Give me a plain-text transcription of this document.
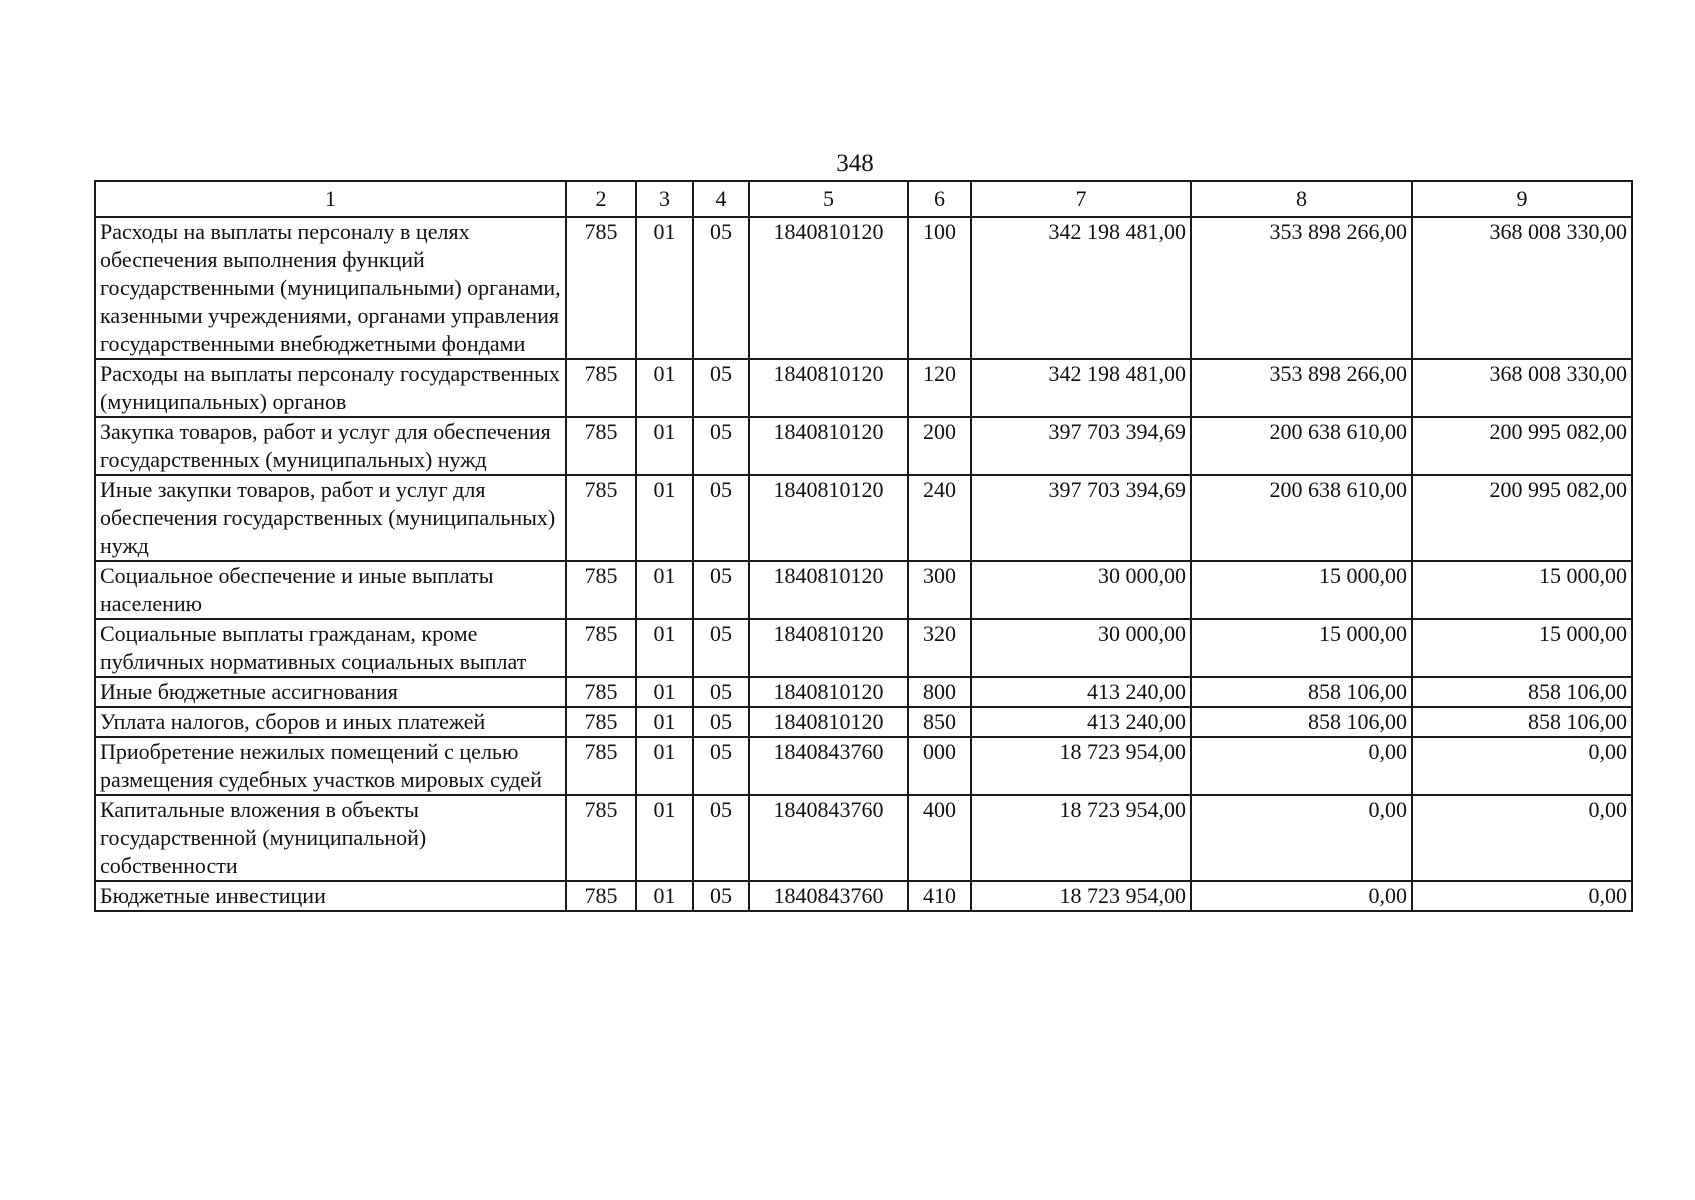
348
1	2	3	4	5	6	7	8	9
Расходы на выплаты персоналу в целях обеспечения выполнения функций государственными (муниципальными) органами, казенными учреждениями, органами управления государственными внебюджетными фондами	785	01	05	1840810120	100	342 198 481,00	353 898 266,00	368 008 330,00
Расходы на выплаты персоналу государственных (муниципальных) органов	785	01	05	1840810120	120	342 198 481,00	353 898 266,00	368 008 330,00
Закупка товаров, работ и услуг для обеспечения государственных (муниципальных) нужд	785	01	05	1840810120	200	397 703 394,69	200 638 610,00	200 995 082,00
Иные закупки товаров, работ и услуг для обеспечения государственных (муниципальных) нужд	785	01	05	1840810120	240	397 703 394,69	200 638 610,00	200 995 082,00
Социальное обеспечение и иные выплаты населению	785	01	05	1840810120	300	30 000,00	15 000,00	15 000,00
Социальные выплаты гражданам, кроме публичных нормативных социальных выплат	785	01	05	1840810120	320	30 000,00	15 000,00	15 000,00
Иные бюджетные ассигнования	785	01	05	1840810120	800	413 240,00	858 106,00	858 106,00
Уплата налогов, сборов и иных платежей	785	01	05	1840810120	850	413 240,00	858 106,00	858 106,00
Приобретение нежилых помещений с целью размещения судебных участков мировых судей	785	01	05	1840843760	000	18 723 954,00	0,00	0,00
Капитальные вложения в объекты государственной (муниципальной) собственности	785	01	05	1840843760	400	18 723 954,00	0,00	0,00
Бюджетные инвестиции	785	01	05	1840843760	410	18 723 954,00	0,00	0,00
